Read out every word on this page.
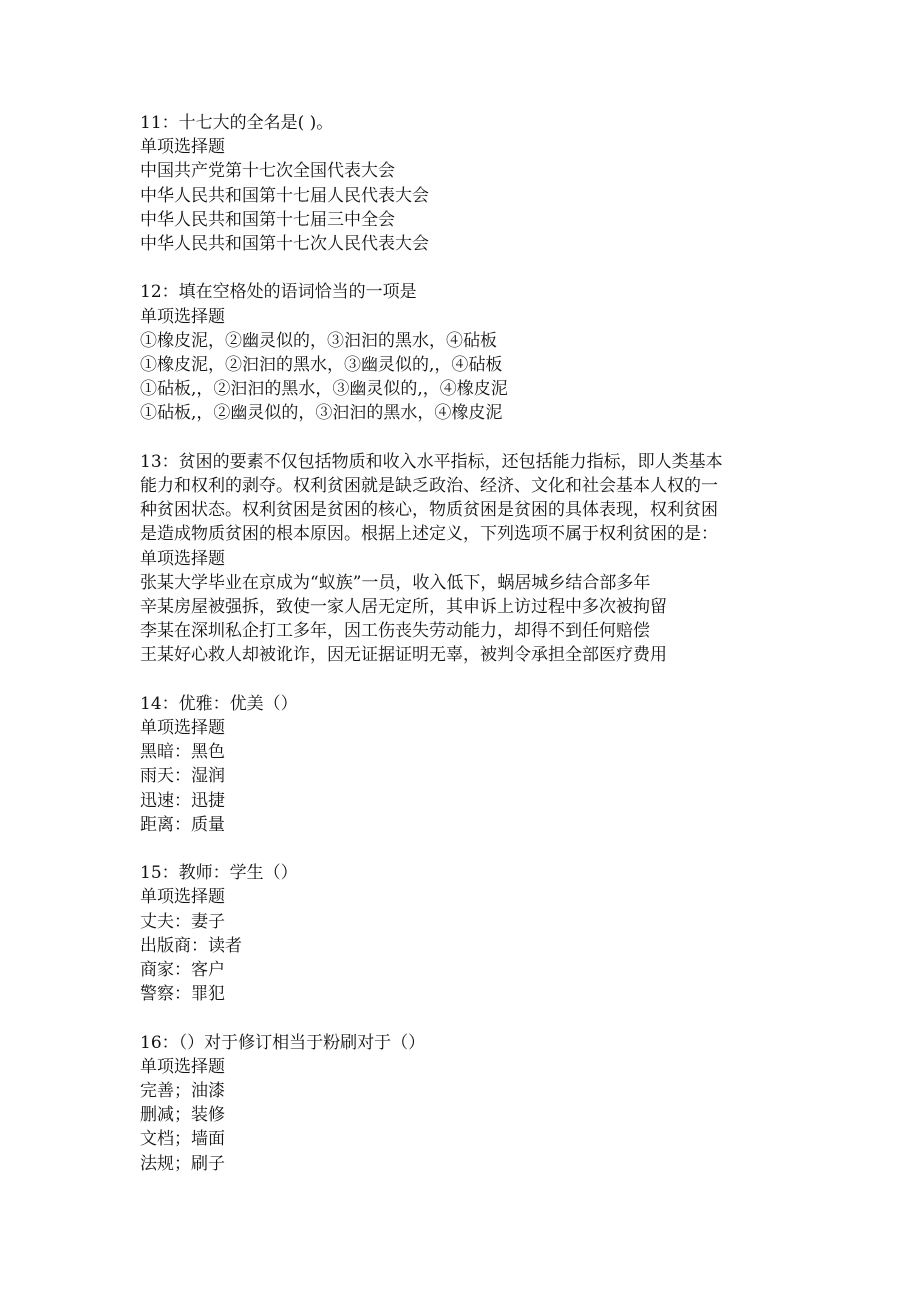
11：十七大的全名是( )。
单项选择题
中国共产党第十七次全国代表大会
中华人民共和国第十七届人民代表大会
中华人民共和国第十七届三中全会
中华人民共和国第十七次人民代表大会
12：填在空格处的语词恰当的一项是
单项选择题
①橡皮泥，②幽灵似的，③汩汩的黑水，④砧板
①橡皮泥，②汩汩的黑水，③幽灵似的,，④砧板
①砧板,，②汩汩的黑水，③幽灵似的,，④橡皮泥
①砧板,，②幽灵似的，③汩汩的黑水，④橡皮泥
13：贫困的要素不仅包括物质和收入水平指标，还包括能力指标，即人类基本
能力和权利的剥夺。权利贫困就是缺乏政治、经济、文化和社会基本人权的一
种贫困状态。权利贫困是贫困的核心，物质贫困是贫困的具体表现，权利贫困
是造成物质贫困的根本原因。根据上述定义，下列选项不属于权利贫困的是：
单项选择题
张某大学毕业在京成为“蚁族”一员，收入低下，蜗居城乡结合部多年
辛某房屋被强拆，致使一家人居无定所，其申诉上访过程中多次被拘留
李某在深圳私企打工多年，因工伤丧失劳动能力，却得不到任何赔偿
王某好心救人却被讹诈，因无证据证明无辜，被判令承担全部医疗费用
14：优雅：优美（）
单项选择题
黑暗：黑色
雨天：湿润
迅速：迅捷
距离：质量
15：教师：学生（）
单项选择题
丈夫：妻子
出版商：读者
商家：客户
警察：罪犯
16：（）对于修订相当于粉刷对于（）
单项选择题
完善；油漆
删减；装修
文档；墙面
法规；刷子
